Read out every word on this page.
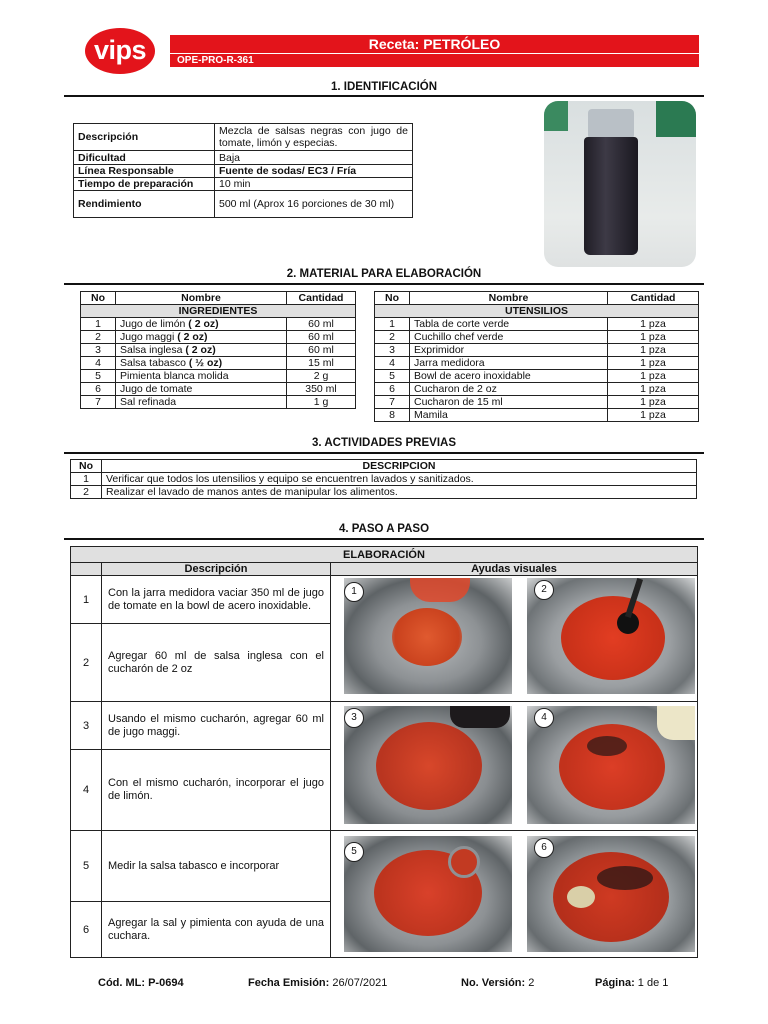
vips	Receta: PETRÓLEO
OPE-PRO-R-361
1. IDENTIFICACIÓN
Descripción	Mezcla de salsas negras con jugo de tomate, limón y especias.
Dificultad	Baja
Línea Responsable	Fuente de sodas/ EC3 / Fría
Tiempo de preparación	10 min
Rendimiento	500 ml (Aprox 16 porciones de 30 ml)
2. MATERIAL PARA ELABORACIÓN
No	Nombre	Cantidad
INGREDIENTES		
1	Jugo de limón ( 2 oz)	60 ml
2	Jugo maggi ( 2 oz)	60 ml
3	Salsa inglesa ( 2 oz)	60 ml
4	Salsa tabasco ( ½ oz)	15 ml
5	Pimienta blanca molida	2 g
6	Jugo de tomate	350 ml
7	Sal refinada	1 g
No	Nombre	Cantidad
UTENSILIOS		
1	Tabla de corte verde	1 pza
2	Cuchillo chef verde	1 pza
3	Exprimidor	1 pza
4	Jarra medidora	1 pza
5	Bowl de acero inoxidable	1 pza
6	Cucharon de 2 oz	1 pza
7	Cucharon de 15 ml	1 pza
8	Mamila	1 pza
3. ACTIVIDADES PREVIAS
No	DESCRIPCION
1	Verificar que todos los utensilios y equipo se encuentren lavados y sanitizados.
2	Realizar el lavado de manos antes de manipular los alimentos.
4. PASO A PASO
ELABORACIÓN		
	Descripción	Ayudas visuales
1	Con la jarra medidora vaciar 350 ml de jugo de tomate en la bowl de acero inoxidable.	
2	Agregar 60 ml de salsa inglesa con el cucharón de 2 oz	
3	Usando el mismo cucharón, agregar 60 ml de jugo maggi.	
4	Con el mismo cucharón, incorporar el jugo de limón.	
5	Medir la salsa tabasco e incorporar	
6	Agregar la sal y pimienta con ayuda de una cuchara.	
1	2
3	4
5	6
Cód. ML: P-0694	Fecha Emisión: 26/07/2021	No. Versión: 2	Página: 1 de 1
